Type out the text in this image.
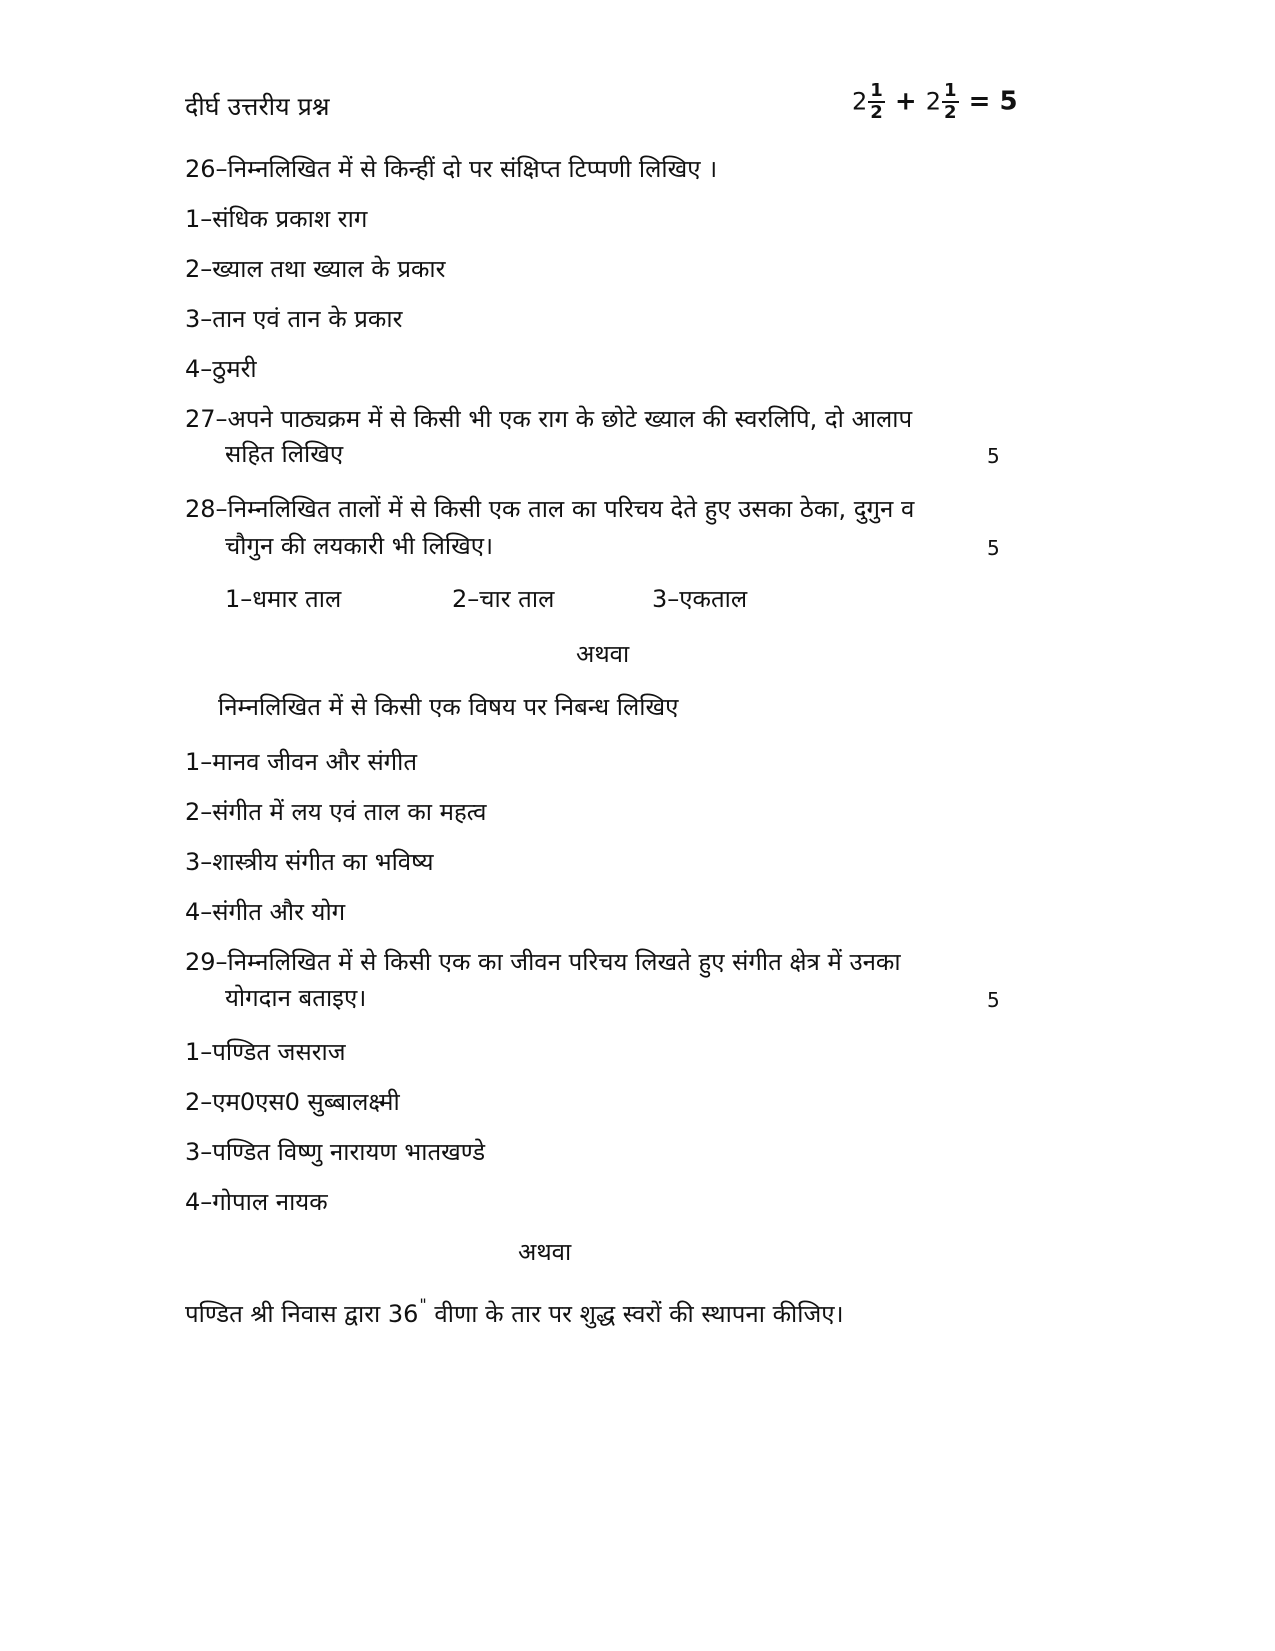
दीर्घ उत्तरीय प्रश्न	$2 \frac{1}{2} + 2 \frac{1}{2} = 5$
26–निम्नलिखित में से किन्हीं दो पर संक्षिप्त टिप्पणी लिखिए ।
1–संधिक प्रकाश राग
2–ख्याल तथा ख्याल के प्रकार
3–तान एवं तान के प्रकार
4–ठुमरी
27–अपने पाठ्यक्रम में से किसी भी एक राग के छोटे ख्याल की स्वरलिपि, दो आलाप
सहित लिखिए	5
28–निम्नलिखित तालों में से किसी एक ताल का परिचय देते हुए उसका ठेका, दुगुन व
चौगुन की लयकारी भी लिखिए।	5
1–धमार ताल	2–चार ताल	3–एकताल
अथवा
निम्नलिखित में से किसी एक विषय पर निबन्ध लिखिए
1–मानव जीवन और संगीत
2–संगीत में लय एवं ताल का महत्व
3–शास्त्रीय संगीत का भविष्य
4–संगीत और योग
29–निम्नलिखित में से किसी एक का जीवन परिचय लिखते हुए संगीत क्षेत्र में उनका
योगदान बताइए।	5
1–पण्डित जसराज
2–एम0एस0 सुब्बालक्ष्मी
3–पण्डित विष्णु नारायण भातखण्डे
4–गोपाल नायक
अथवा
पण्डित श्री निवास द्वारा 36" वीणा के तार पर शुद्ध स्वरों की स्थापना कीजिए।
